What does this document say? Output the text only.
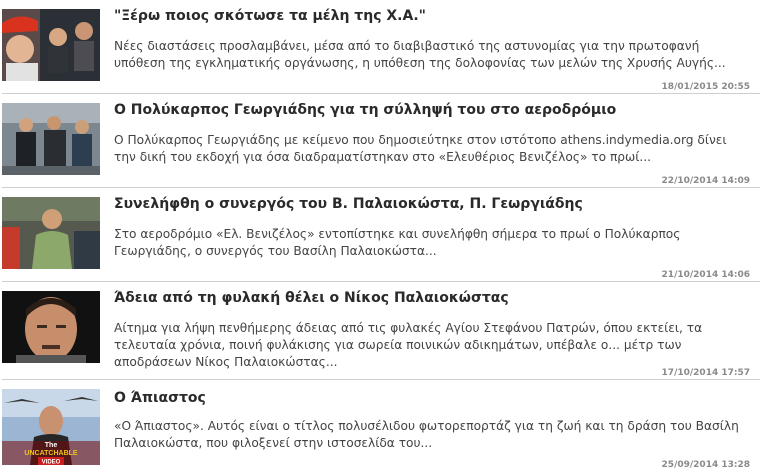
"Ξέρω ποιος σκότωσε τα μέλη της Χ.Α."
Νέες διαστάσεις προσλαμβάνει, μέσα από το διαβιβαστικό της αστυνομίας για την πρωτοφανή υπόθεση της εγκληματικής οργάνωσης, η υπόθεση της δολοφονίας των μελών της Χρυσής Αυγής...
18/01/2015 20:55
Ο Πολύκαρπος Γεωργιάδης για τη σύλληψή του στο αεροδρόμιο
Ο Πολύκαρπος Γεωργιάδης με κείμενο που δημοσιεύτηκε στον ιστότοπο athens.indymedia.org δίνει την δική του εκδοχή για όσα διαδραματίστηκαν στο «Ελευθέριος Βενιζέλος» το πρωί...
22/10/2014 14:09
Συνελήφθη ο συνεργός του Β. Παλαιοκώστα, Π. Γεωργιάδης
Στο αεροδρόμιο «Ελ. Βενιζέλος» εντοπίστηκε και συνελήφθη σήμερα το πρωί ο Πολύκαρπος Γεωργιάδης, ο συνεργός του Βασίλη Παλαιοκώστα...
21/10/2014 14:06
Άδεια από τη φυλακή θέλει ο Νίκος Παλαιοκώστας
Αίτημα για λήψη πενθήμερης άδειας από τις φυλακές Αγίου Στεφάνου Πατρών, όπου εκτείει, τα τελευταία χρόνια, ποινή φυλάκισης για σωρεία ποινικών αδικημάτων, υπέβαλε ο... μέτρ των αποδράσεων Νίκος Παλαιοκώστας...
17/10/2014 17:57
The
UNCATCHABLE
VIDEO
Ο Άπιαστος
«Ο Άπιαστος». Αυτός είναι ο τίτλος πολυσέλιδου φωτορεπορτάζ για τη ζωή και τη δράση του Βασίλη Παλαιοκώστα, που φιλοξενεί στην ιστοσελίδα του...
25/09/2014 13:28
